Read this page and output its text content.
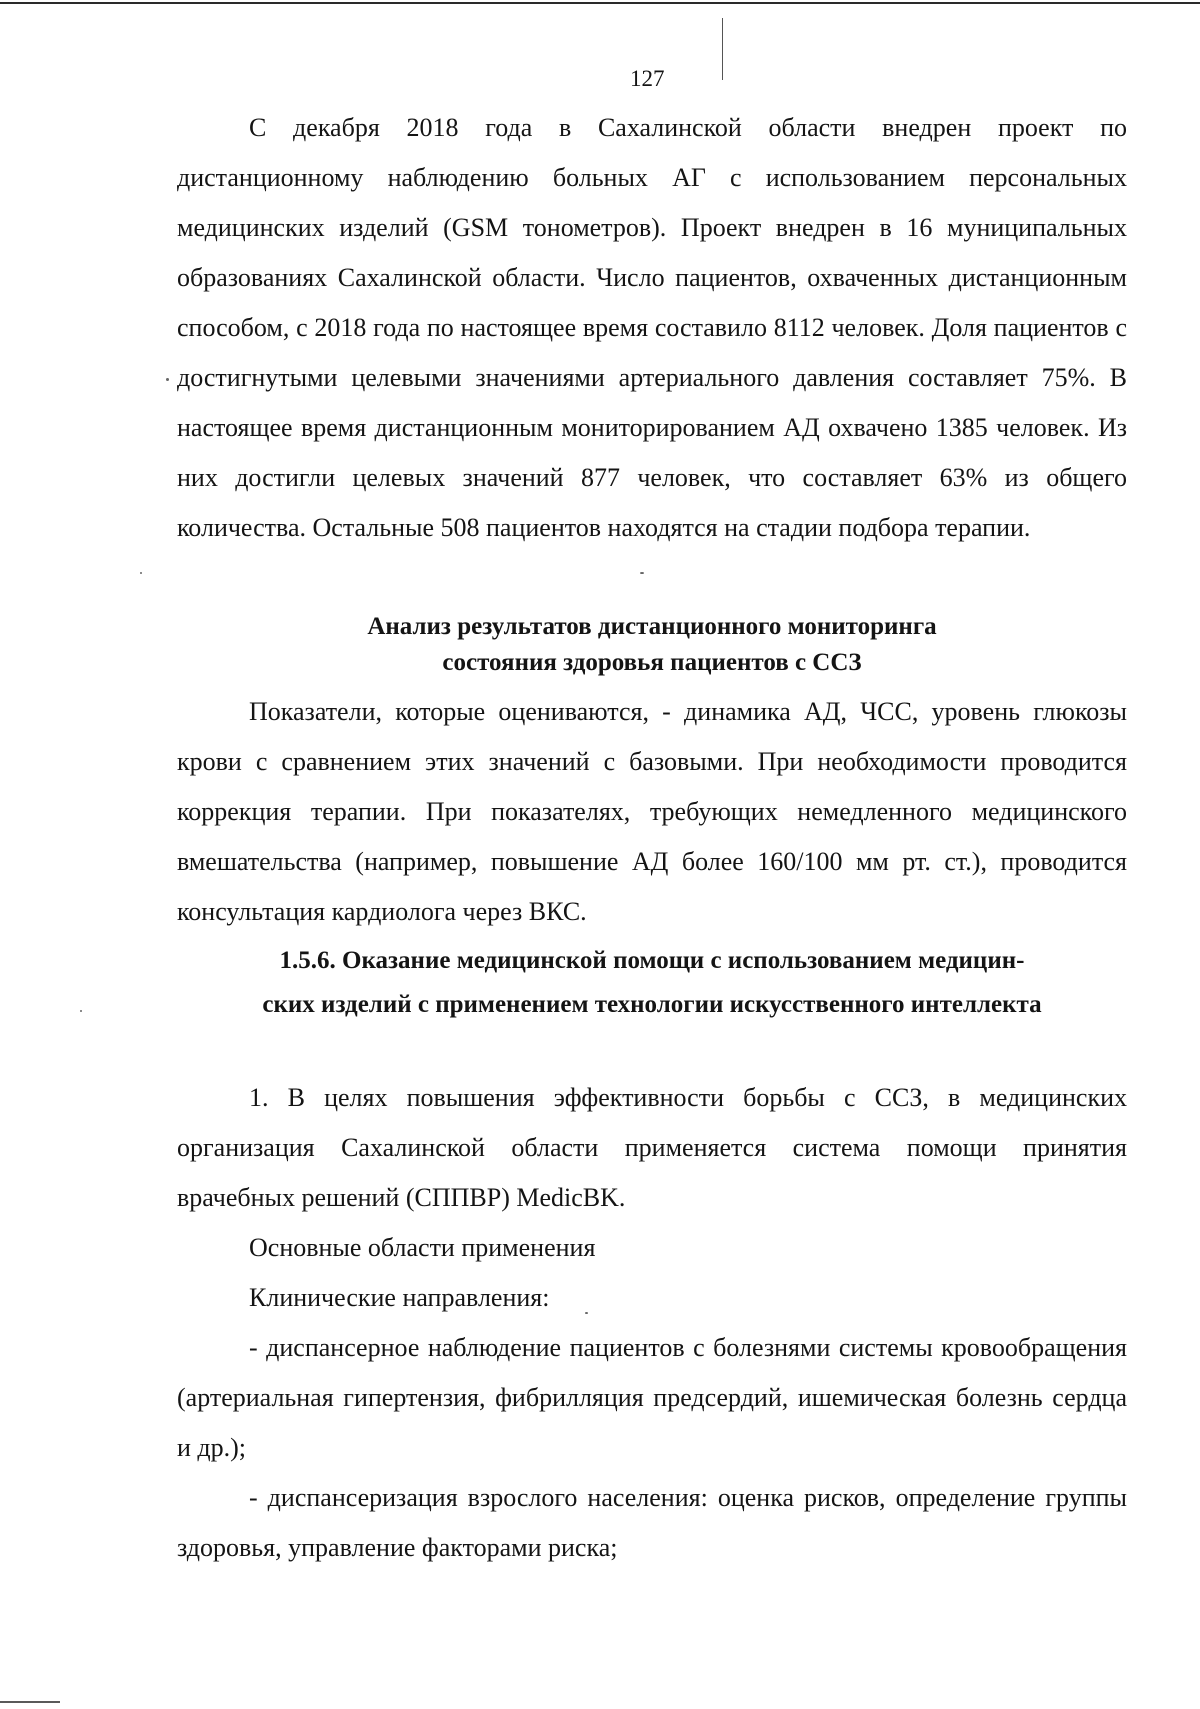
127

С декабря 2018 года в Сахалинской области внедрен проект по дистанционному наблюдению больных АГ с использованием персональных медицинских изделий (GSM тонометров). Проект внедрен в 16 муниципальных образованиях Сахалинской области. Число пациентов, охваченных дистанционным способом, с 2018 года по настоящее время составило 8112 человек. Доля пациентов с достигнутыми целевыми значениями артериального давления составляет 75%. В настоящее время дистанционным мониторированием АД охвачено 1385 человек. Из них достигли целевых значений 877 человек, что составляет 63% из общего количества. Остальные 508 пациентов находятся на стадии подбора терапии.

Анализ результатов дистанционного мониторинга
состояния здоровья пациентов с ССЗ

Показатели, которые оцениваются, - динамика АД, ЧСС, уровень глюкозы крови с сравнением этих значений с базовыми. При необходимости проводится коррекция терапии. При показателях, требующих немедленного медицинского вмешательства (например, повышение АД более 160/100 мм рт. ст.), проводится консультация кардиолога через ВКС.

1.5.6. Оказание медицинской помощи с использованием медицин-
ских изделий с применением технологии искусственного интеллекта

1. В целях повышения эффективности борьбы с ССЗ, в медицинских организация Сахалинской области применяется система помощи принятия врачебных решений (СППВР) MedicBK.

Основные области применения

Клинические направления:

- диспансерное наблюдение пациентов с болезнями системы кровообращения (артериальная гипертензия, фибрилляция предсердий, ишемическая болезнь сердца и др.);

- диспансеризация взрослого населения: оценка рисков, определение группы здоровья, управление факторами риска;
